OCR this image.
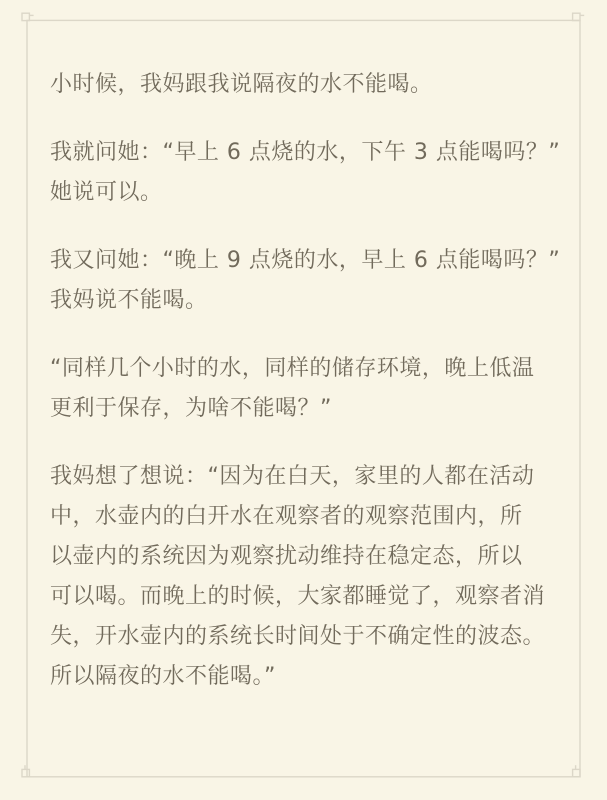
小时候，我妈跟我说隔夜的水不能喝。

我就问她：“早上 6 点烧的水，下午 3 点能喝吗？”
她说可以。

我又问她：“晚上 9 点烧的水，早上 6 点能喝吗？”
我妈说不能喝。

“同样几个小时的水，同样的储存环境，晚上低温
更利于保存，为啥不能喝？”

我妈想了想说：“因为在白天，家里的人都在活动
中，水壶内的白开水在观察者的观察范围内，所
以壶内的系统因为观察扰动维持在稳定态，所以
可以喝。而晚上的时候，大家都睡觉了，观察者消
失，开水壶内的系统长时间处于不确定性的波态。
所以隔夜的水不能喝。”
